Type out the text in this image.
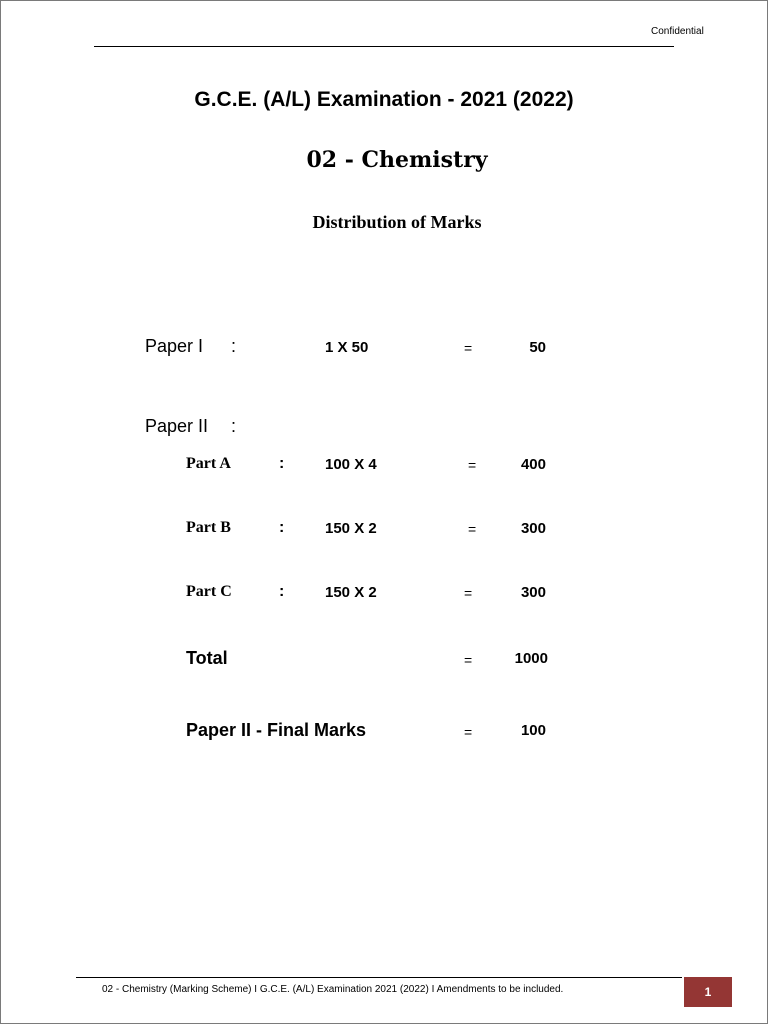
Confidential
G.C.E. (A/L) Examination - 2021 (2022)
02 - Chemistry
Distribution of Marks
Paper I :	1 X 50	=	50
Paper II :
Part A	:	100 X 4	=	400
Part B	:	150 X 2	=	300
Part C	:	150 X 2	=	300
Total	=	1000
Paper II - Final Marks	=	100
02 - Chemistry (Marking Scheme) I G.C.E. (A/L) Examination 2021 (2022) I Amendments to be included.	1
